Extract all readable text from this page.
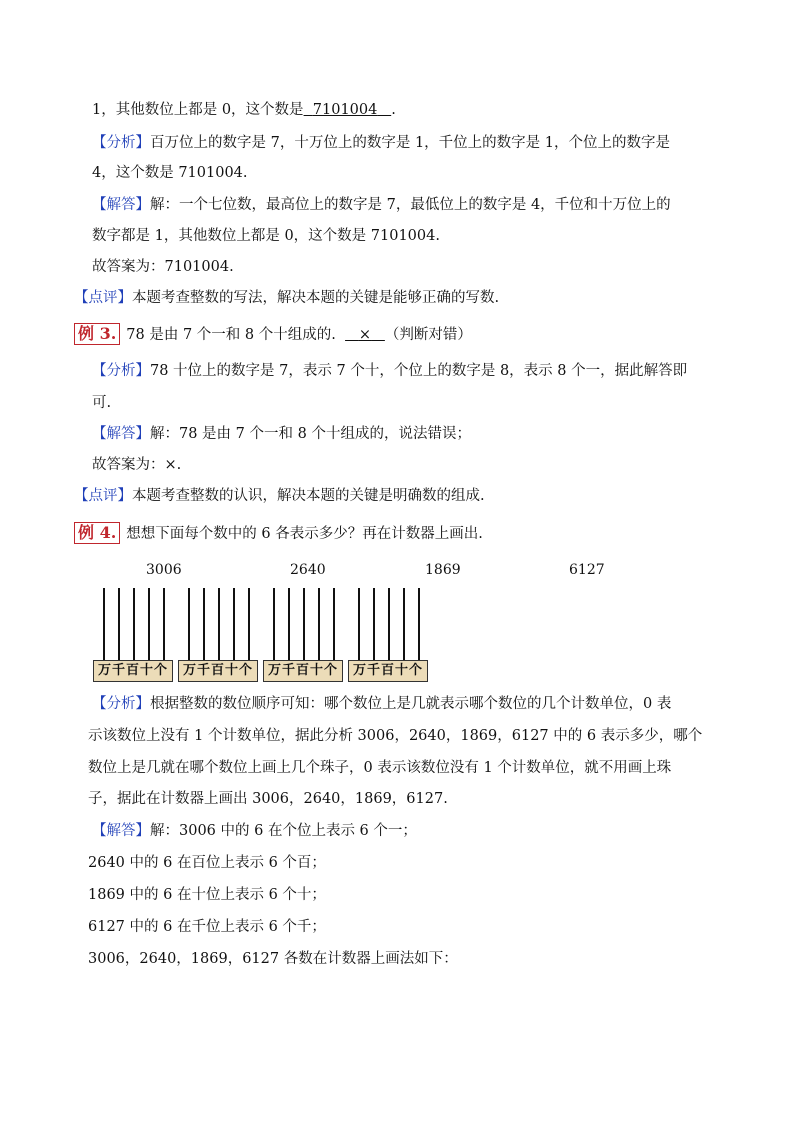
1，其他数位上都是 0，这个数是 7101004 .
【分析】百万位上的数字是 7，十万位上的数字是 1，千位上的数字是 1，个位上的数字是
4，这个数是 7101004.
【解答】解：一个七位数，最高位上的数字是 7，最低位上的数字是 4，千位和十万位上的
数字都是 1，其他数位上都是 0，这个数是 7101004.
故答案为：7101004.
【点评】本题考查整数的写法，解决本题的关键是能够正确的写数.
例 3. 78 是由 7 个一和 8 个十组成的. × （判断对错）
【分析】78 十位上的数字是 7，表示 7 个十，个位上的数字是 8，表示 8 个一，据此解答即
可.
【解答】解：78 是由 7 个一和 8 个十组成的，说法错误；
故答案为：×.
【点评】本题考查整数的认识，解决本题的关键是明确数的组成.
例 4. 想想下面每个数中的 6 各表示多少？再在计数器上画出.
3006	2640	1869	6127
万千百十个	万千百十个	万千百十个	万千百十个
【分析】根据整数的数位顺序可知：哪个数位上是几就表示哪个数位的几个计数单位，0 表
示该数位上没有 1 个计数单位，据此分析 3006，2640，1869，6127 中的 6 表示多少，哪个
数位上是几就在哪个数位上画上几个珠子，0 表示该数位没有 1 个计数单位，就不用画上珠
子，据此在计数器上画出 3006，2640，1869，6127.
【解答】解：3006 中的 6 在个位上表示 6 个一；
2640 中的 6 在百位上表示 6 个百；
1869 中的 6 在十位上表示 6 个十；
6127 中的 6 在千位上表示 6 个千；
3006，2640，1869，6127 各数在计数器上画法如下：
